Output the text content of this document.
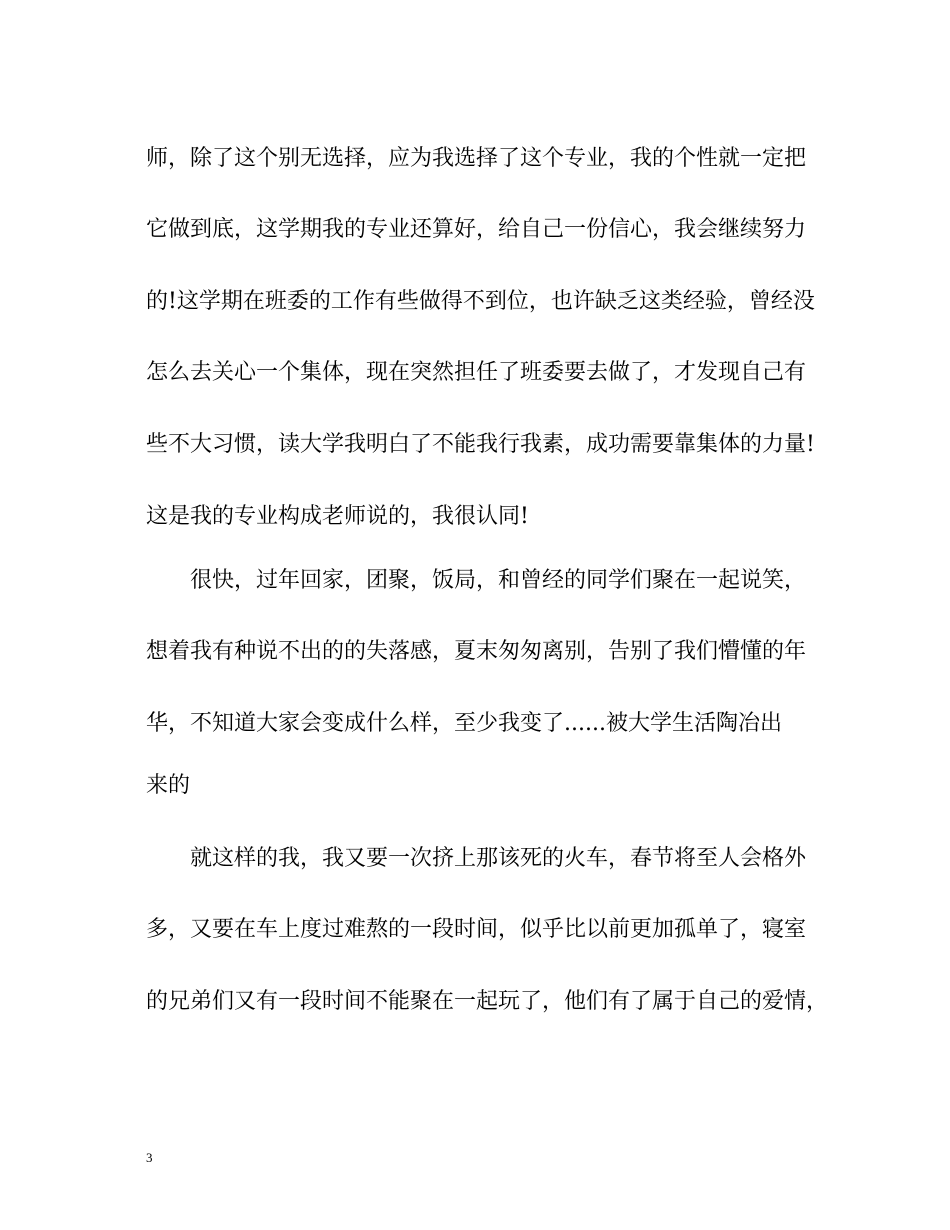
师，除了这个别无选择，应为我选择了这个专业，我的个性就一定把
它做到底，这学期我的专业还算好，给自己一份信心，我会继续努力
的!这学期在班委的工作有些做得不到位，也许缺乏这类经验，曾经没
怎么去关心一个集体，现在突然担任了班委要去做了，才发现自己有
些不大习惯，读大学我明白了不能我行我素，成功需要靠集体的力量!
这是我的专业构成老师说的，我很认同!
很快，过年回家，团聚，饭局，和曾经的同学们聚在一起说笑，
想着我有种说不出的的失落感，夏末匆匆离别，告别了我们懵懂的年
华，不知道大家会变成什么样，至少我变了......被大学生活陶冶出
来的
就这样的我，我又要一次挤上那该死的火车，春节将至人会格外
多，又要在车上度过难熬的一段时间，似乎比以前更加孤单了，寝室
的兄弟们又有一段时间不能聚在一起玩了，他们有了属于自己的爱情，
3
